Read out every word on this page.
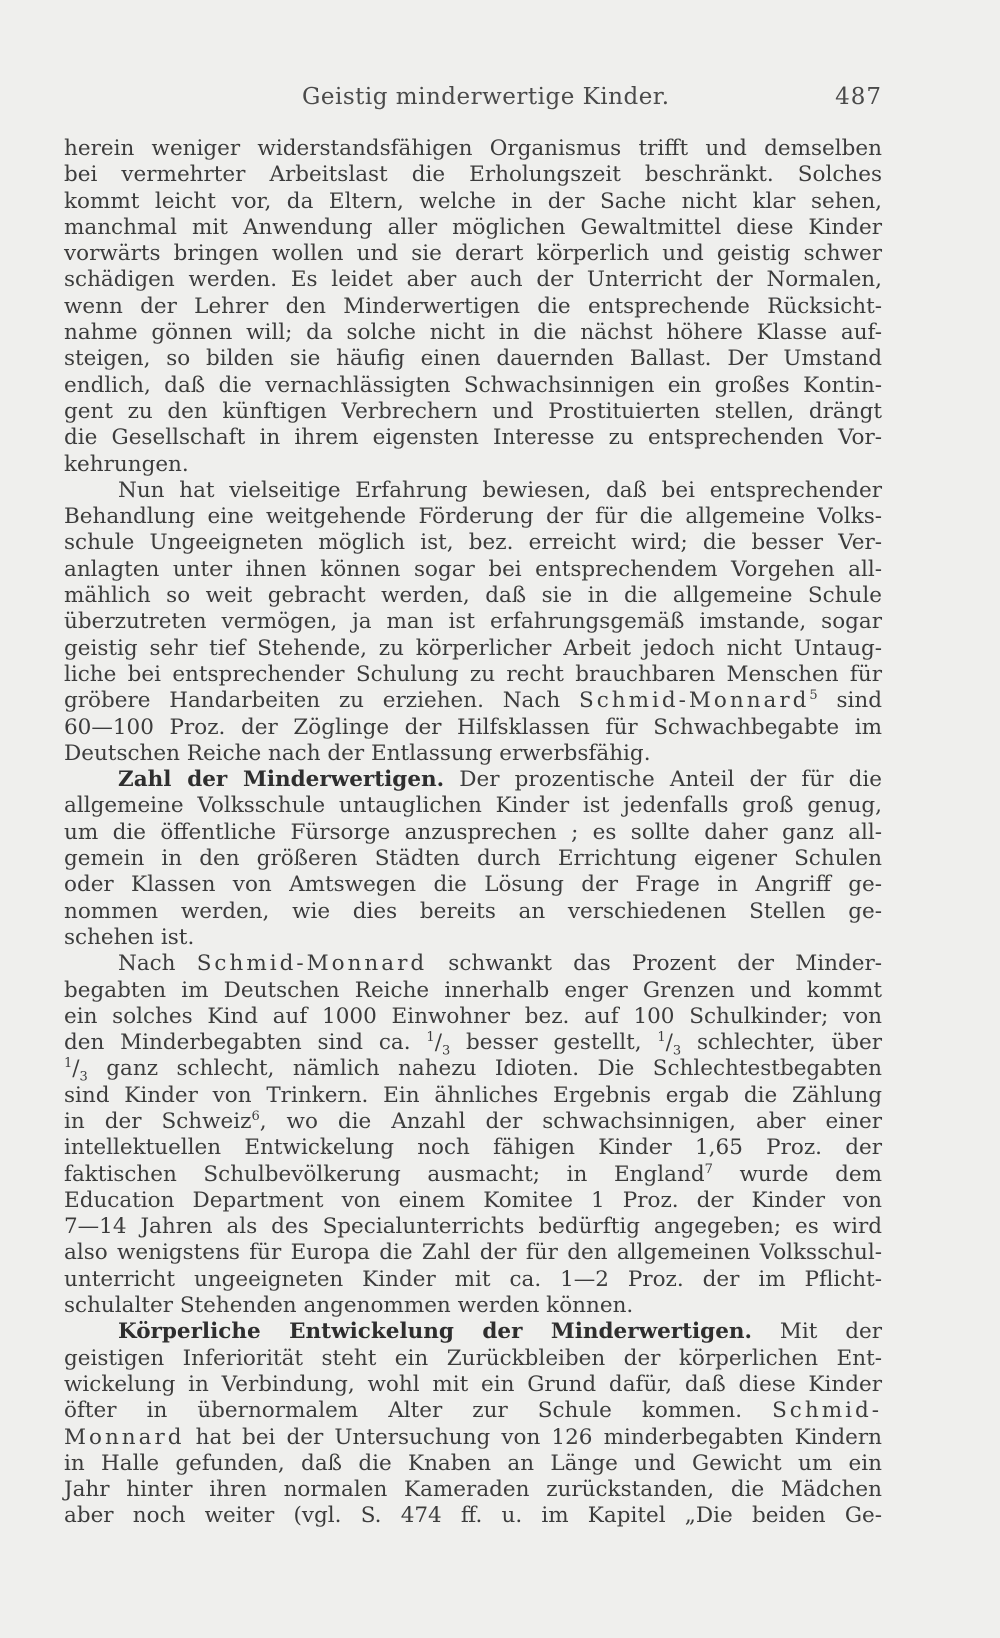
Geistig minderwertige Kinder.	487
herein weniger widerstandsfähigen Organismus trifft und demselben
bei vermehrter Arbeitslast die Erholungszeit beschränkt. Solches
kommt leicht vor, da Eltern, welche in der Sache nicht klar sehen,
manchmal mit Anwendung aller möglichen Gewaltmittel diese Kinder
vorwärts bringen wollen und sie derart körperlich und geistig schwer
schädigen werden. Es leidet aber auch der Unterricht der Normalen,
wenn der Lehrer den Minderwertigen die entsprechende Rücksicht-
nahme gönnen will; da solche nicht in die nächst höhere Klasse auf-
steigen, so bilden sie häufig einen dauernden Ballast. Der Umstand
endlich, daß die vernachlässigten Schwachsinnigen ein großes Kontin-
gent zu den künftigen Verbrechern und Prostituierten stellen, drängt
die Gesellschaft in ihrem eigensten Interesse zu entsprechenden Vor-
kehrungen.
Nun hat vielseitige Erfahrung bewiesen, daß bei entsprechender
Behandlung eine weitgehende Förderung der für die allgemeine Volks-
schule Ungeeigneten möglich ist, bez. erreicht wird; die besser Ver-
anlagten unter ihnen können sogar bei entsprechendem Vorgehen all-
mählich so weit gebracht werden, daß sie in die allgemeine Schule
überzutreten vermögen, ja man ist erfahrungsgemäß imstande, sogar
geistig sehr tief Stehende, zu körperlicher Arbeit jedoch nicht Untaug-
liche bei entsprechender Schulung zu recht brauchbaren Menschen für
gröbere Handarbeiten zu erziehen. Nach Schmid-Monnard$^5$ sind
60—100 Proz. der Zöglinge der Hilfsklassen für Schwachbegabte im
Deutschen Reiche nach der Entlassung erwerbsfähig.
Zahl der Minderwertigen. Der prozentische Anteil der für die
allgemeine Volksschule untauglichen Kinder ist jedenfalls groß genug,
um die öffentliche Fürsorge anzusprechen ; es sollte daher ganz all-
gemein in den größeren Städten durch Errichtung eigener Schulen
oder Klassen von Amtswegen die Lösung der Frage in Angriff ge-
nommen werden, wie dies bereits an verschiedenen Stellen ge-
schehen ist.
Nach Schmid-Monnard schwankt das Prozent der Minder-
begabten im Deutschen Reiche innerhalb enger Grenzen und kommt
ein solches Kind auf 1000 Einwohner bez. auf 100 Schulkinder; von
den Minderbegabten sind ca. $^1/_3$ besser gestellt, $^1/_3$ schlechter, über
$^1/_3$ ganz schlecht, nämlich nahezu Idioten. Die Schlechtestbegabten
sind Kinder von Trinkern. Ein ähnliches Ergebnis ergab die Zählung
in der Schweiz$^6$, wo die Anzahl der schwachsinnigen, aber einer
intellektuellen Entwickelung noch fähigen Kinder 1,65 Proz. der
faktischen Schulbevölkerung ausmacht; in England$^7$ wurde dem
Education Department von einem Komitee 1 Proz. der Kinder von
7—14 Jahren als des Specialunterrichts bedürftig angegeben; es wird
also wenigstens für Europa die Zahl der für den allgemeinen Volksschul-
unterricht ungeeigneten Kinder mit ca. 1—2 Proz. der im Pflicht-
schulalter Stehenden angenommen werden können.
Körperliche Entwickelung der Minderwertigen. Mit der
geistigen Inferiorität steht ein Zurückbleiben der körperlichen Ent-
wickelung in Verbindung, wohl mit ein Grund dafür, daß diese Kinder
öfter in übernormalem Alter zur Schule kommen. Schmid-
Monnard hat bei der Untersuchung von 126 minderbegabten Kindern
in Halle gefunden, daß die Knaben an Länge und Gewicht um ein
Jahr hinter ihren normalen Kameraden zurückstanden, die Mädchen
aber noch weiter (vgl. S. 474 ff. u. im Kapitel „Die beiden Ge-
